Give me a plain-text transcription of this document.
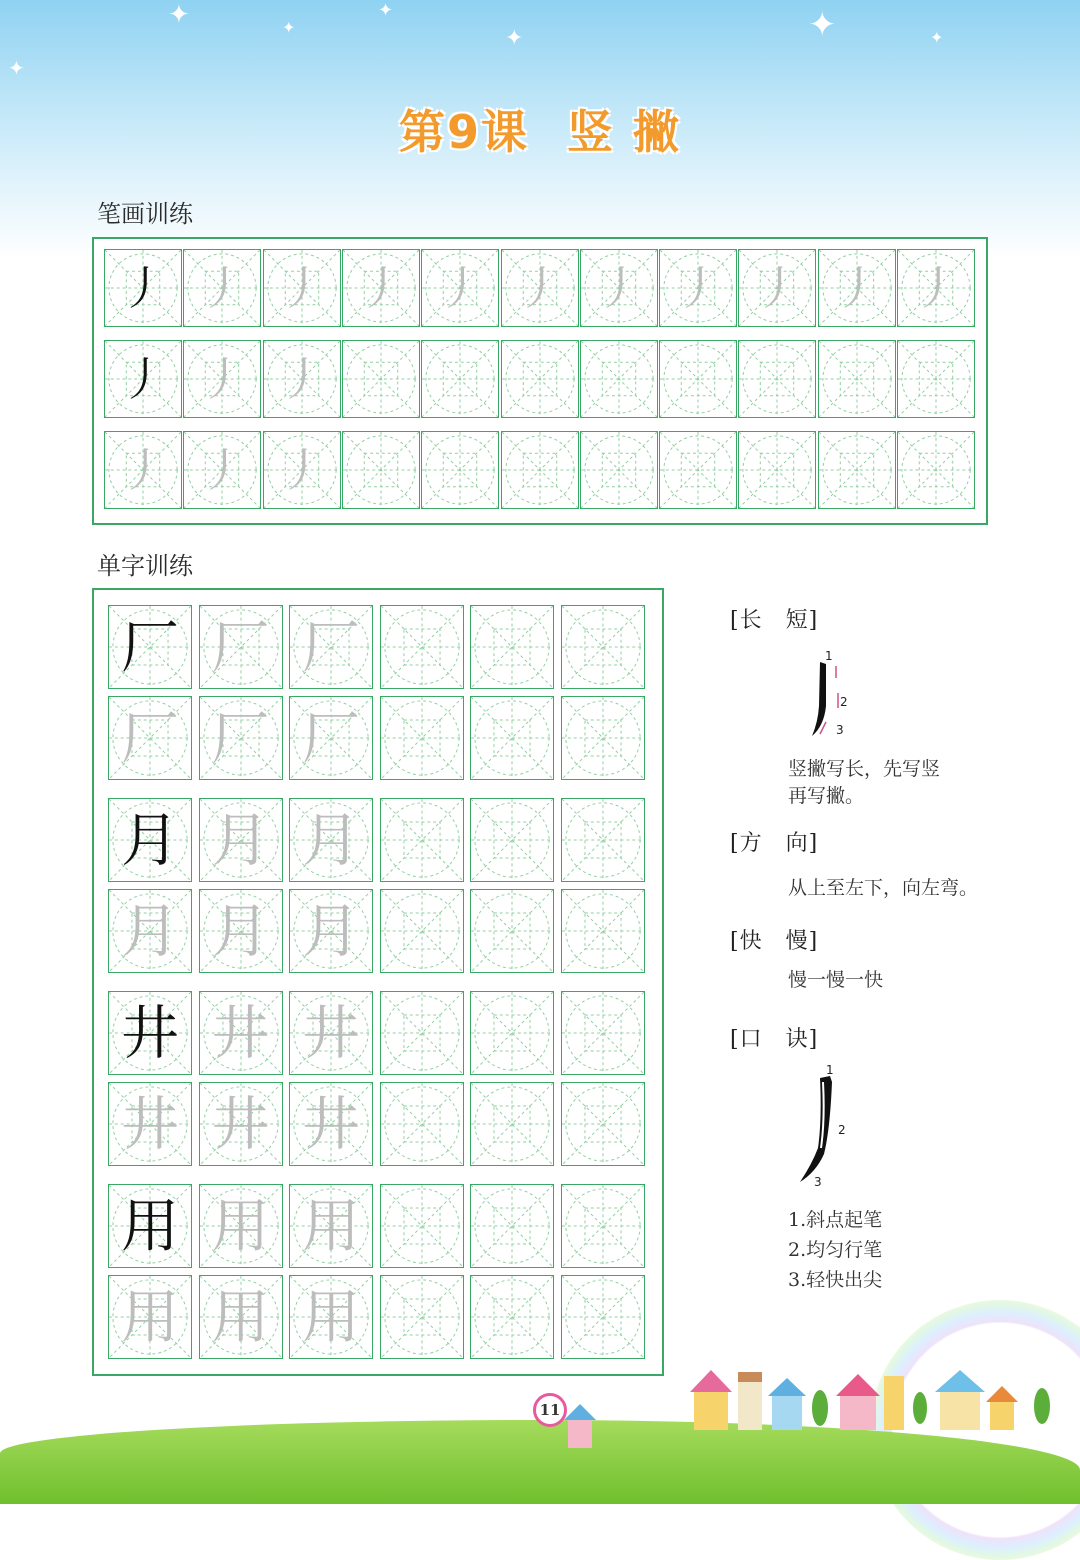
✦	✦
✦
✦	✦	✦
✦
第9课 竖 撇
笔画训练
丿 丿 丿 丿 丿 丿 丿 丿 丿 丿 丿
丿 丿 丿
丿 丿 丿
单字训练
厂 厂 厂
厂 厂 厂
月 月 月
月 月 月
井 井 井
井 井 井
用 用 用
用 用 用
[长　短]
1
2
3
竖撇写长，先写竖
再写撇。
[方　向]
从上至左下，向左弯。
[快　慢]
慢一慢一快
[口　诀]
1
2
3
1.斜点起笔
2.均匀行笔
3.轻快出尖
11
